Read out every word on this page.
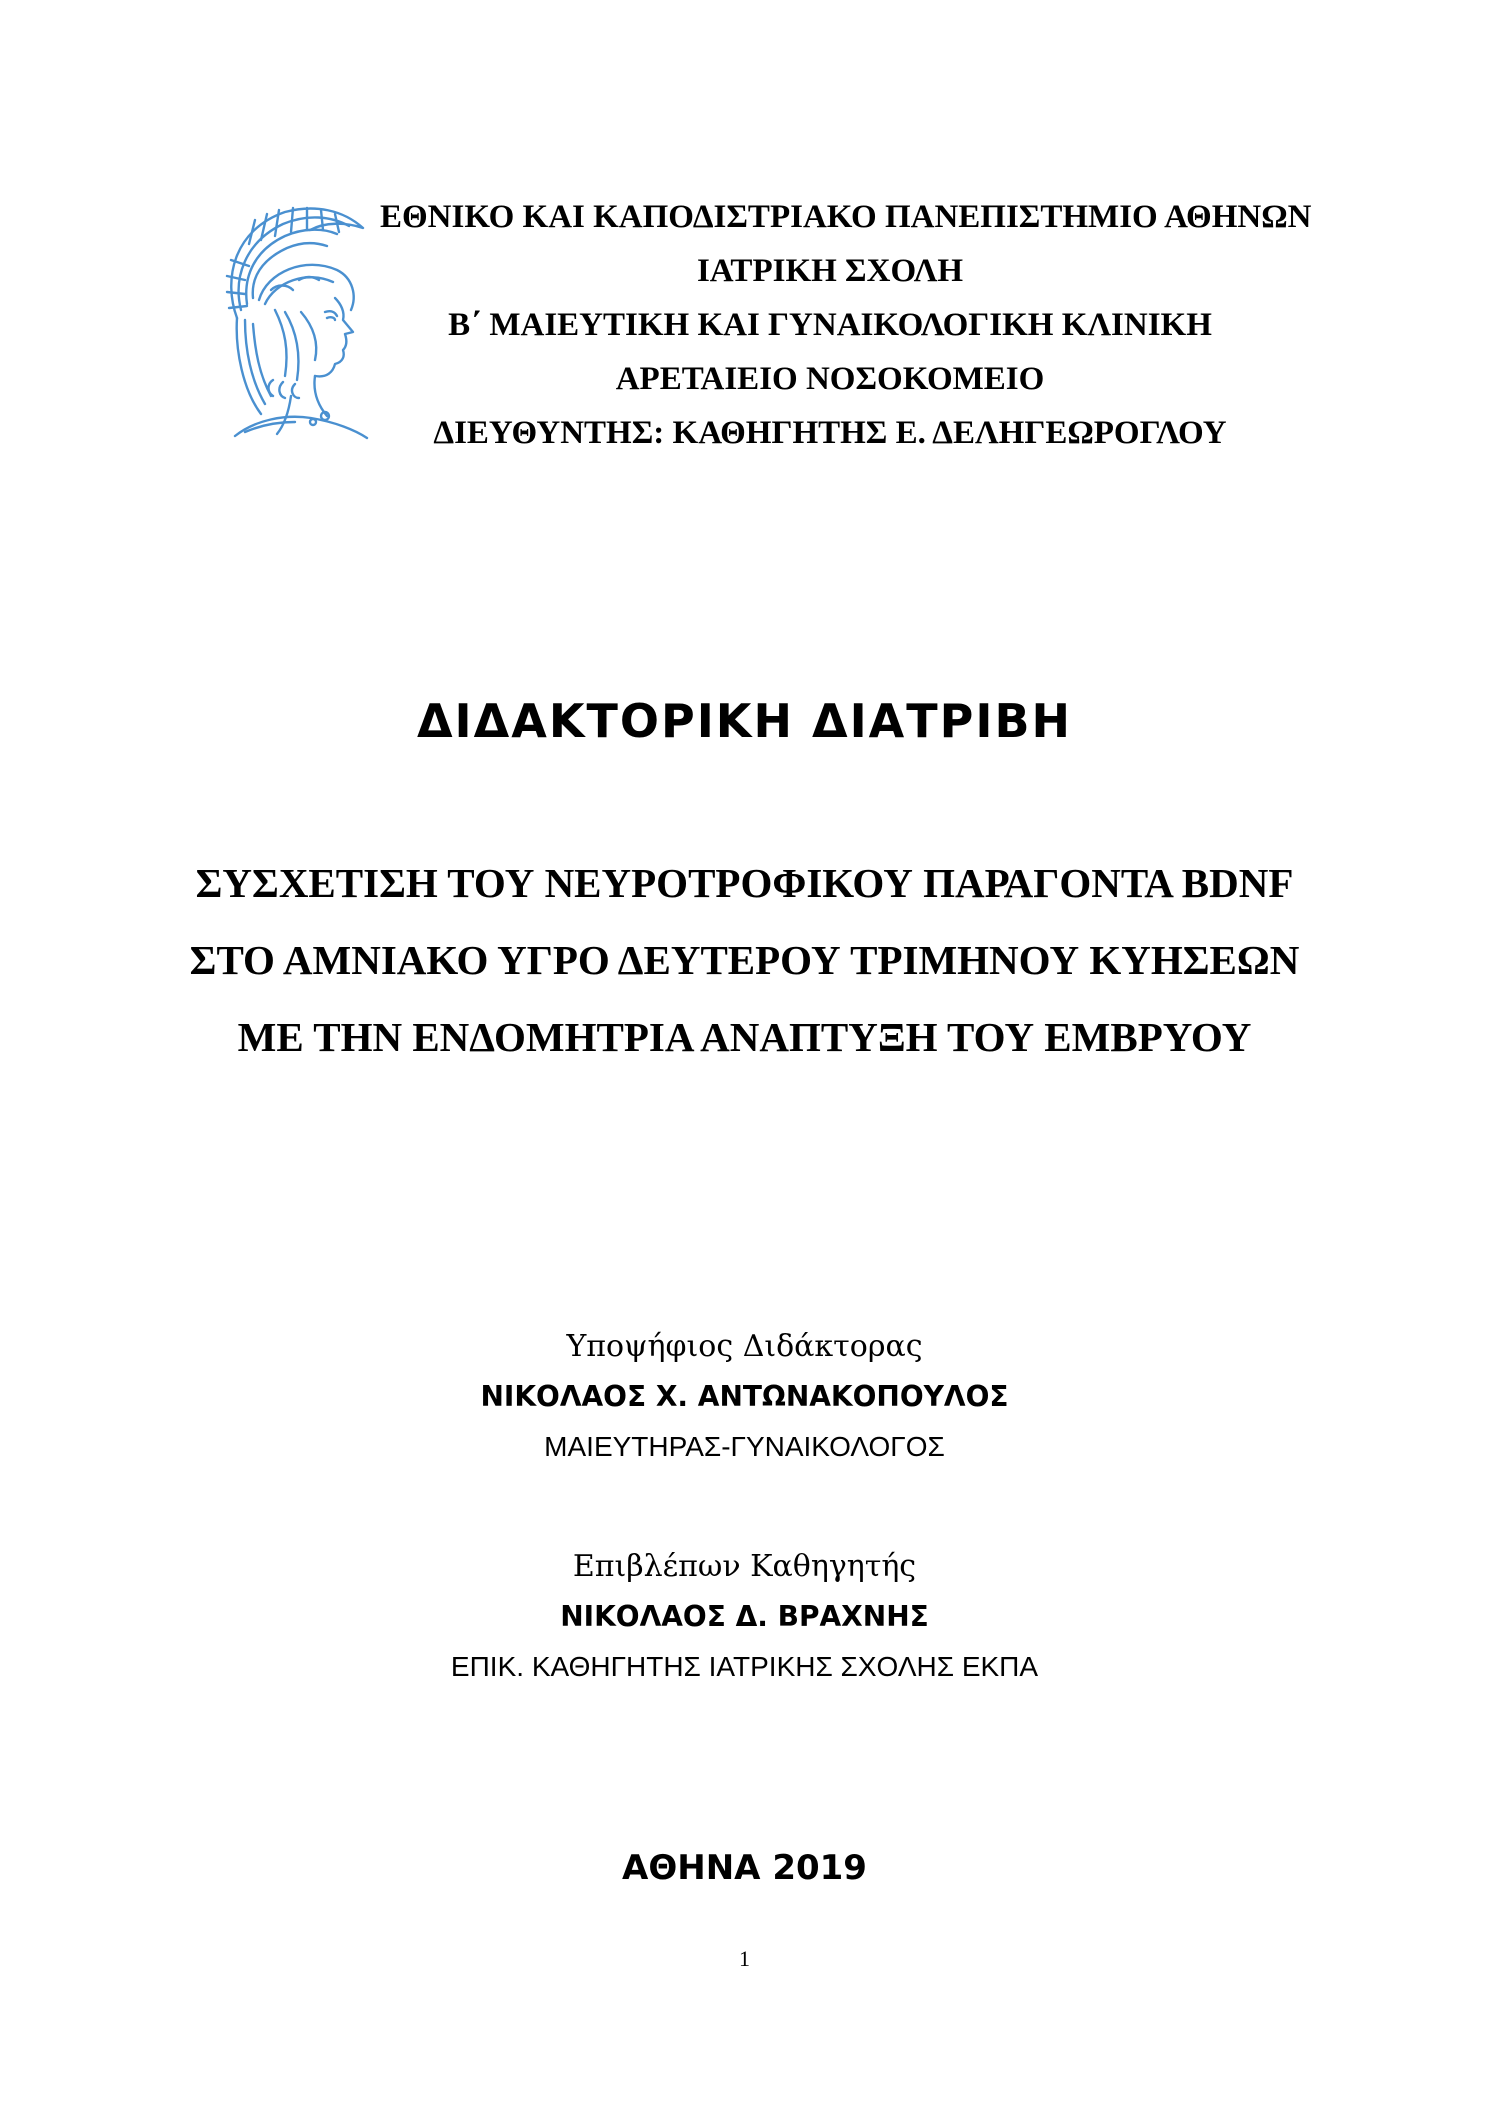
ΕΘΝΙΚΟ ΚΑΙ ΚΑΠΟΔΙΣΤΡΙΑΚΟ ΠΑΝΕΠΙΣΤΗΜΙΟ ΑΘΗΝΩΝ
ΙΑΤΡΙΚΗ ΣΧΟΛΗ
Β΄ ΜΑΙΕΥΤΙΚΗ ΚΑΙ ΓΥΝΑΙΚΟΛΟΓΙΚΗ ΚΛΙΝΙΚΗ
ΑΡΕΤΑΙΕΙΟ ΝΟΣΟΚΟΜΕΙΟ
ΔΙΕΥΘΥΝΤΗΣ: ΚΑΘΗΓΗΤΗΣ Ε. ΔΕΛΗΓΕΩΡΟΓΛΟΥ
ΔΙΔΑΚΤΟΡΙΚΗ ΔΙΑΤΡΙΒΗ
ΣΥΣΧΕΤΙΣΗ ΤΟΥ ΝΕΥΡΟΤΡΟΦΙΚΟΥ ΠΑΡΑΓΟΝΤΑ BDNF
ΣΤΟ ΑΜΝΙΑΚΟ ΥΓΡΟ ΔΕΥΤΕΡΟΥ ΤΡΙΜΗΝΟΥ ΚΥΗΣΕΩΝ
ΜΕ ΤΗΝ ΕΝΔΟΜΗΤΡΙΑ ΑΝΑΠΤΥΞΗ ΤΟΥ ΕΜΒΡΥΟΥ
Υποψήφιος Διδάκτορας
ΝΙΚΟΛΑΟΣ Χ. ΑΝΤΩΝΑΚΟΠΟΥΛΟΣ
ΜΑΙΕΥΤΗΡΑΣ-ΓΥΝΑΙΚΟΛΟΓΟΣ
Επιβλέπων Καθηγητής
ΝΙΚΟΛΑΟΣ Δ. ΒΡΑΧΝΗΣ
ΕΠΙΚ. ΚΑΘΗΓΗΤΗΣ ΙΑΤΡΙΚΗΣ ΣΧΟΛΗΣ ΕΚΠΑ
ΑΘΗΝΑ 2019
1
